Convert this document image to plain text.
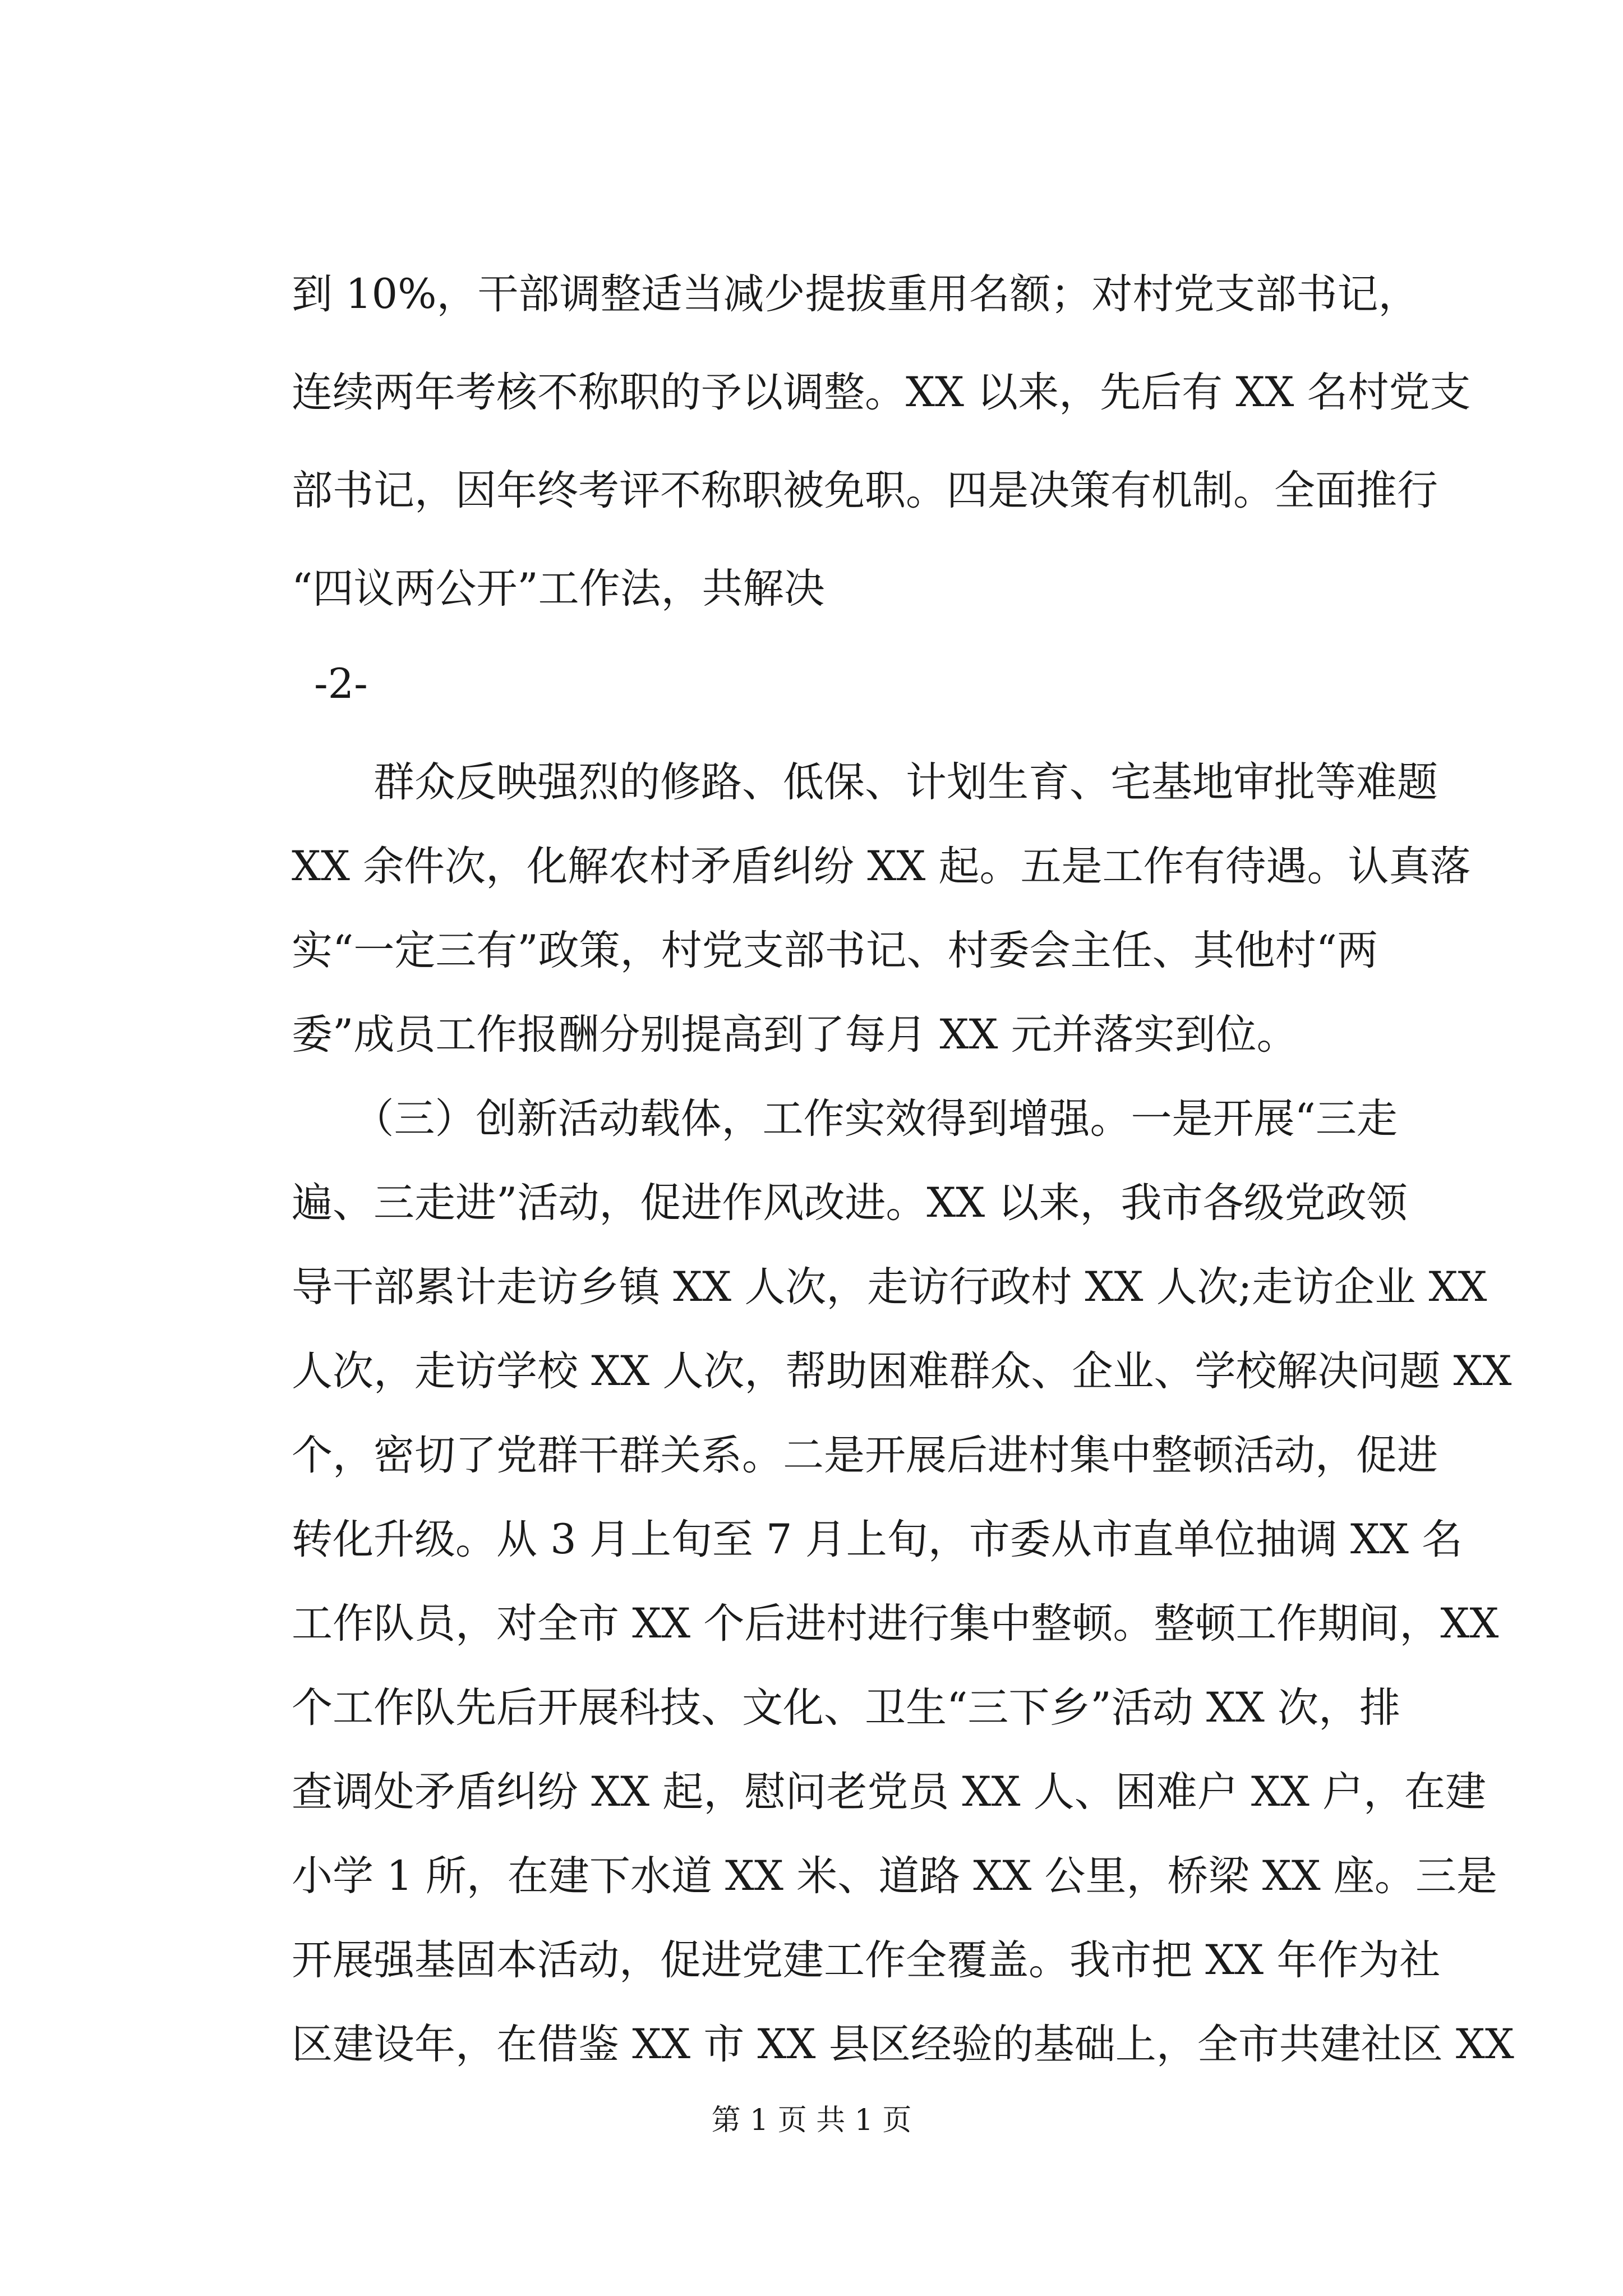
到 10%，干部调整适当减少提拔重用名额；对村党支部书记，
连续两年考核不称职的予以调整。XX 以来，先后有 XX 名村党支
部书记，因年终考评不称职被免职。四是决策有机制。全面推行
“四议两公开”工作法，共解决
-2-
　　群众反映强烈的修路、低保、计划生育、宅基地审批等难题
XX 余件次，化解农村矛盾纠纷 XX 起。五是工作有待遇。认真落
实“一定三有”政策，村党支部书记、村委会主任、其他村“两
委”成员工作报酬分别提高到了每月 XX 元并落实到位。
　　（三）创新活动载体，工作实效得到增强。一是开展“三走
遍、三走进”活动，促进作风改进。XX 以来，我市各级党政领
导干部累计走访乡镇 XX 人次，走访行政村 XX 人次;走访企业 XX
人次，走访学校 XX 人次，帮助困难群众、企业、学校解决问题 XX
个，密切了党群干群关系。二是开展后进村集中整顿活动，促进
转化升级。从 3 月上旬至 7 月上旬，市委从市直单位抽调 XX 名
工作队员，对全市 XX 个后进村进行集中整顿。整顿工作期间，XX
个工作队先后开展科技、文化、卫生“三下乡”活动 XX 次，排
查调处矛盾纠纷 XX 起，慰问老党员 XX 人、困难户 XX 户，在建
小学 1 所，在建下水道 XX 米、道路 XX 公里，桥梁 XX 座。三是
开展强基固本活动，促进党建工作全覆盖。我市把 XX 年作为社
区建设年，在借鉴 XX 市 XX 县区经验的基础上，全市共建社区 XX
第 1 页 共 1 页
